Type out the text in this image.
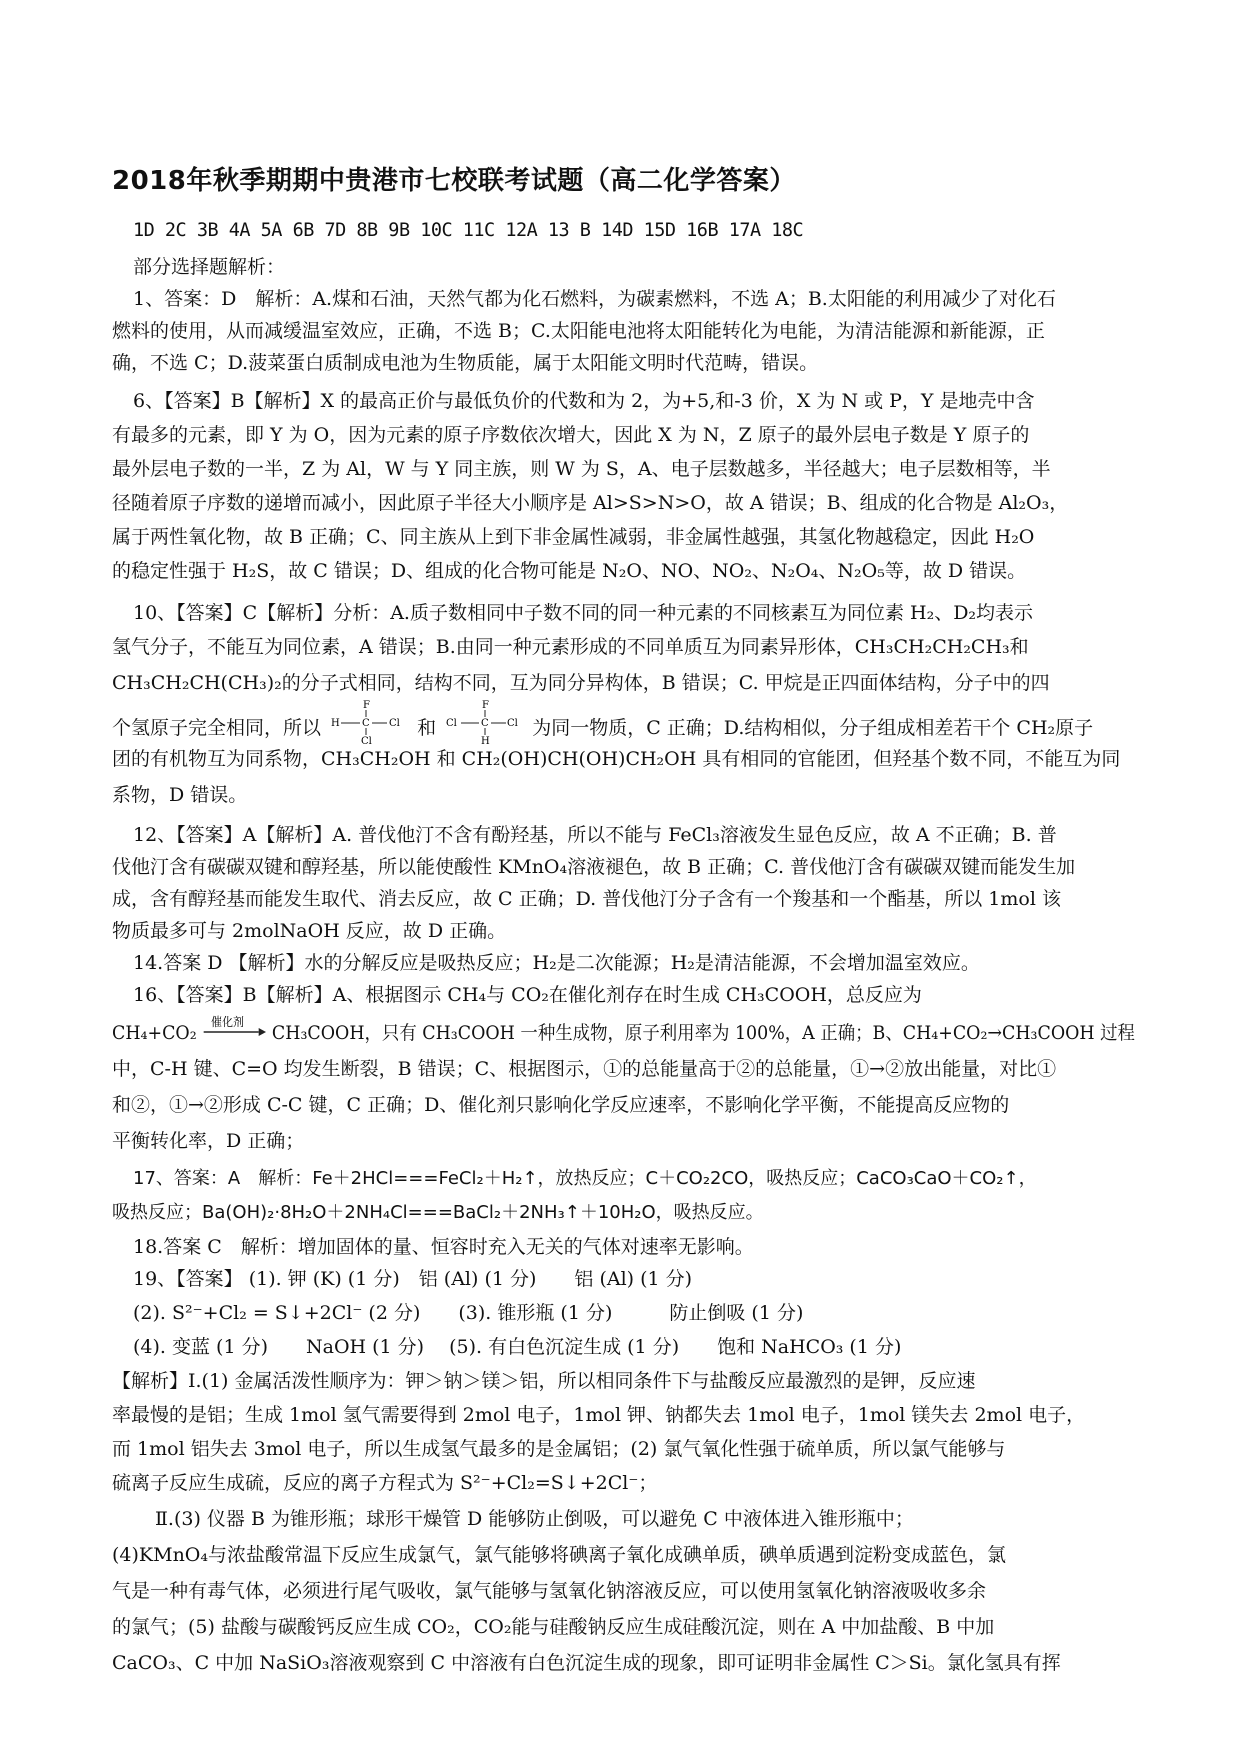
2018年秋季期期中贵港市七校联考试题（高二化学答案）
1D 2C 3B 4A 5A 6B 7D 8B 9B 10C 11C 12A 13 B 14D 15D 16B 17A 18C
部分选择题解析：
1、答案：D　解析：A.煤和石油，天然气都为化石燃料，为碳素燃料，不选 A；B.太阳能的利用减少了对化石
燃料的使用，从而减缓温室效应，正确，不选 B；C.太阳能电池将太阳能转化为电能，为清洁能源和新能源，正
确，不选 C；D.菠菜蛋白质制成电池为生物质能，属于太阳能文明时代范畴，错误。
6、【答案】B【解析】X 的最高正价与最低负价的代数和为 2，为+5,和-3 价，X 为 N 或 P，Y 是地壳中含
有最多的元素，即 Y 为 O，因为元素的原子序数依次增大，因此 X 为 N，Z 原子的最外层电子数是 Y 原子的
最外层电子数的一半，Z 为 Al，W 与 Y 同主族，则 W 为 S，A、电子层数越多，半径越大；电子层数相等，半
径随着原子序数的递增而减小，因此原子半径大小顺序是 Al>S>N>O，故 A 错误；B、组成的化合物是 Al₂O₃，
属于两性氧化物，故 B 正确；C、同主族从上到下非金属性减弱，非金属性越强，其氢化物越稳定，因此 H₂O
的稳定性强于 H₂S，故 C 错误；D、组成的化合物可能是 N₂O、NO、NO₂、N₂O₄、N₂O₅等，故 D 错误。
10、【答案】C【解析】分析：A.质子数相同中子数不同的同一种元素的不同核素互为同位素 H₂、D₂均表示
氢气分子，不能互为同位素，A 错误；B.由同一种元素形成的不同单质互为同素异形体，CH₃CH₂CH₂CH₃和
CH₃CH₂CH(CH₃)₂的分子式相同，结构不同，互为同分异构体，B 错误；C. 甲烷是正四面体结构，分子中的四
个氢原子完全相同，所以
F
H C Cl
Cl
和
F
Cl C Cl
H
为同一物质，C 正确；D.结构相似，分子组成相差若干个 CH₂原子
团的有机物互为同系物，CH₃CH₂OH 和 CH₂(OH)CH(OH)CH₂OH 具有相同的官能团，但羟基个数不同，不能互为同
系物，D 错误。
12、【答案】A【解析】A. 普伐他汀不含有酚羟基，所以不能与 FeCl₃溶液发生显色反应，故 A 不正确；B. 普
伐他汀含有碳碳双键和醇羟基，所以能使酸性 KMnO₄溶液褪色，故 B 正确；C. 普伐他汀含有碳碳双键而能发生加
成，含有醇羟基而能发生取代、消去反应，故 C 正确；D. 普伐他汀分子含有一个羧基和一个酯基，所以 1mol 该
物质最多可与 2molNaOH 反应，故 D 正确。
14.答案 D 【解析】水的分解反应是吸热反应；H₂是二次能源；H₂是清洁能源，不会增加温室效应。
16、【答案】B【解析】A、根据图示 CH₄与 CO₂在催化剂存在时生成 CH₃COOH，总反应为
CH₄+CO₂
催化剂
CH₃COOH，只有 CH₃COOH 一种生成物，原子利用率为 100%，A 正确；B、CH₄+CO₂→CH₃COOH 过程
中，C-H 键、C=O 均发生断裂，B 错误；C、根据图示，①的总能量高于②的总能量，①→②放出能量，对比①
和②，①→②形成 C-C 键，C 正确；D、催化剂只影响化学反应速率，不影响化学平衡，不能提高反应物的
平衡转化率，D 正确；
17、答案：A　解析：Fe＋2HCl===FeCl₂＋H₂↑，放热反应；C＋CO₂2CO，吸热反应；CaCO₃CaO＋CO₂↑，
吸热反应；Ba(OH)₂·8H₂O＋2NH₄Cl===BaCl₂＋2NH₃↑＋10H₂O，吸热反应。
18.答案 C　解析：增加固体的量、恒容时充入无关的气体对速率无影响。
19、【答案】 (1). 钾 (K) (1 分)　铝 (Al) (1 分)　　铝 (Al) (1 分)
(2). S²⁻+Cl₂ = S↓+2Cl⁻ (2 分)　　(3). 锥形瓶 (1 分)　　　防止倒吸 (1 分)
(4). 变蓝 (1 分)　　NaOH (1 分)　 (5). 有白色沉淀生成 (1 分)　　饱和 NaHCO₃ (1 分)
【解析】I.(1) 金属活泼性顺序为：钾＞钠＞镁＞铝，所以相同条件下与盐酸反应最激烈的是钾，反应速
率最慢的是铝；生成 1mol 氢气需要得到 2mol 电子，1mol 钾、钠都失去 1mol 电子，1mol 镁失去 2mol 电子，
而 1mol 铝失去 3mol 电子，所以生成氢气最多的是金属铝；(2) 氯气氧化性强于硫单质，所以氯气能够与
硫离子反应生成硫，反应的离子方程式为 S²⁻+Cl₂=S↓+2Cl⁻；
Ⅱ.(3) 仪器 B 为锥形瓶；球形干燥管 D 能够防止倒吸，可以避免 C 中液体进入锥形瓶中；
(4)KMnO₄与浓盐酸常温下反应生成氯气，氯气能够将碘离子氧化成碘单质，碘单质遇到淀粉变成蓝色，氯
气是一种有毒气体，必须进行尾气吸收，氯气能够与氢氧化钠溶液反应，可以使用氢氧化钠溶液吸收多余
的氯气；(5) 盐酸与碳酸钙反应生成 CO₂，CO₂能与硅酸钠反应生成硅酸沉淀，则在 A 中加盐酸、B 中加
CaCO₃、C 中加 NaSiO₃溶液观察到 C 中溶液有白色沉淀生成的现象，即可证明非金属性 C＞Si。氯化氢具有挥
